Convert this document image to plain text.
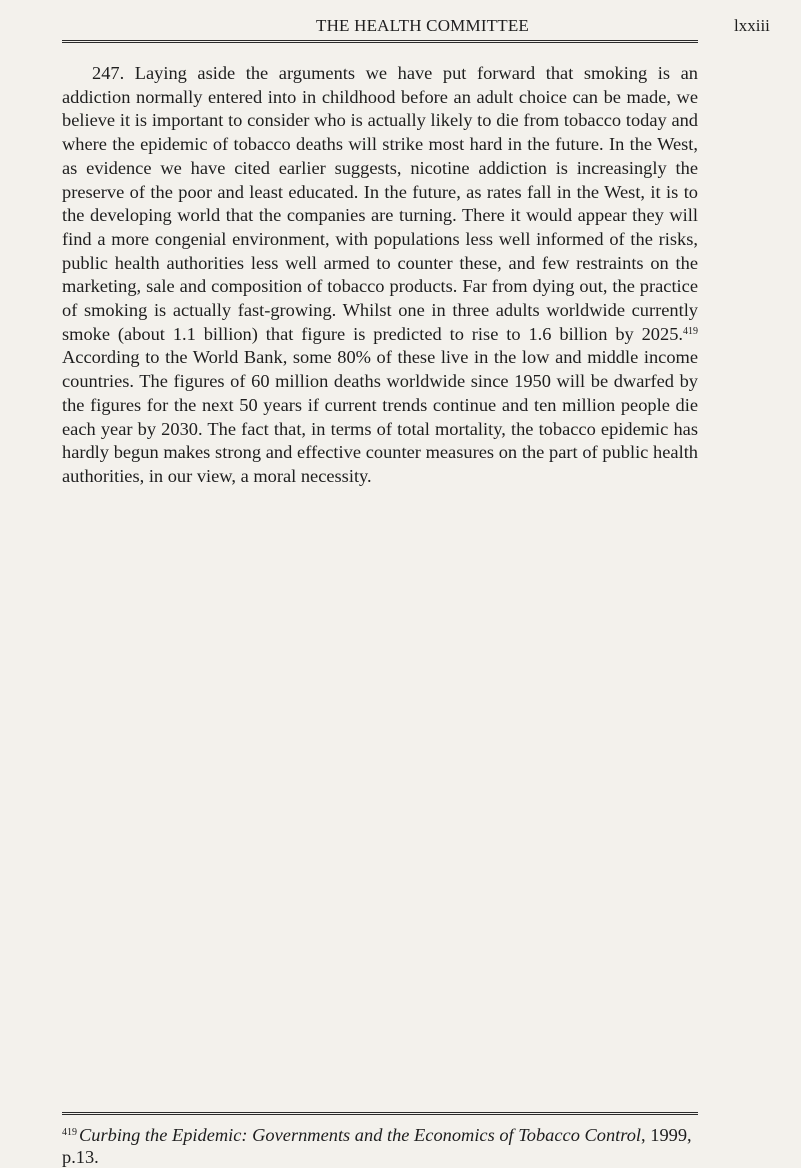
THE HEALTH COMMITTEE	lxxiii

247. Laying aside the arguments we have put forward that smoking is an addiction normally entered into in childhood before an adult choice can be made, we believe it is important to consider who is actually likely to die from tobacco today and where the epidemic of tobacco deaths will strike most hard in the future. In the West, as evidence we have cited earlier suggests, nicotine addiction is increasingly the preserve of the poor and least educated. In the future, as rates fall in the West, it is to the developing world that the companies are turning. There it would appear they will find a more congenial environment, with populations less well informed of the risks, public health authorities less well armed to counter these, and few restraints on the marketing, sale and composition of tobacco products. Far from dying out, the practice of smoking is actually fast-growing. Whilst one in three adults worldwide currently smoke (about 1.1 billion) that figure is predicted to rise to 1.6 billion by 2025.$^{419}$ According to the World Bank, some 80% of these live in the low and middle income countries. The figures of 60 million deaths worldwide since 1950 will be dwarfed by the figures for the next 50 years if current trends continue and ten million people die each year by 2030. The fact that, in terms of total mortality, the tobacco epidemic has hardly begun makes strong and effective counter measures on the part of public health authorities, in our view, a moral necessity.

$^{419}$ Curbing the Epidemic: Governments and the Economics of Tobacco Control, 1999, p.13.
